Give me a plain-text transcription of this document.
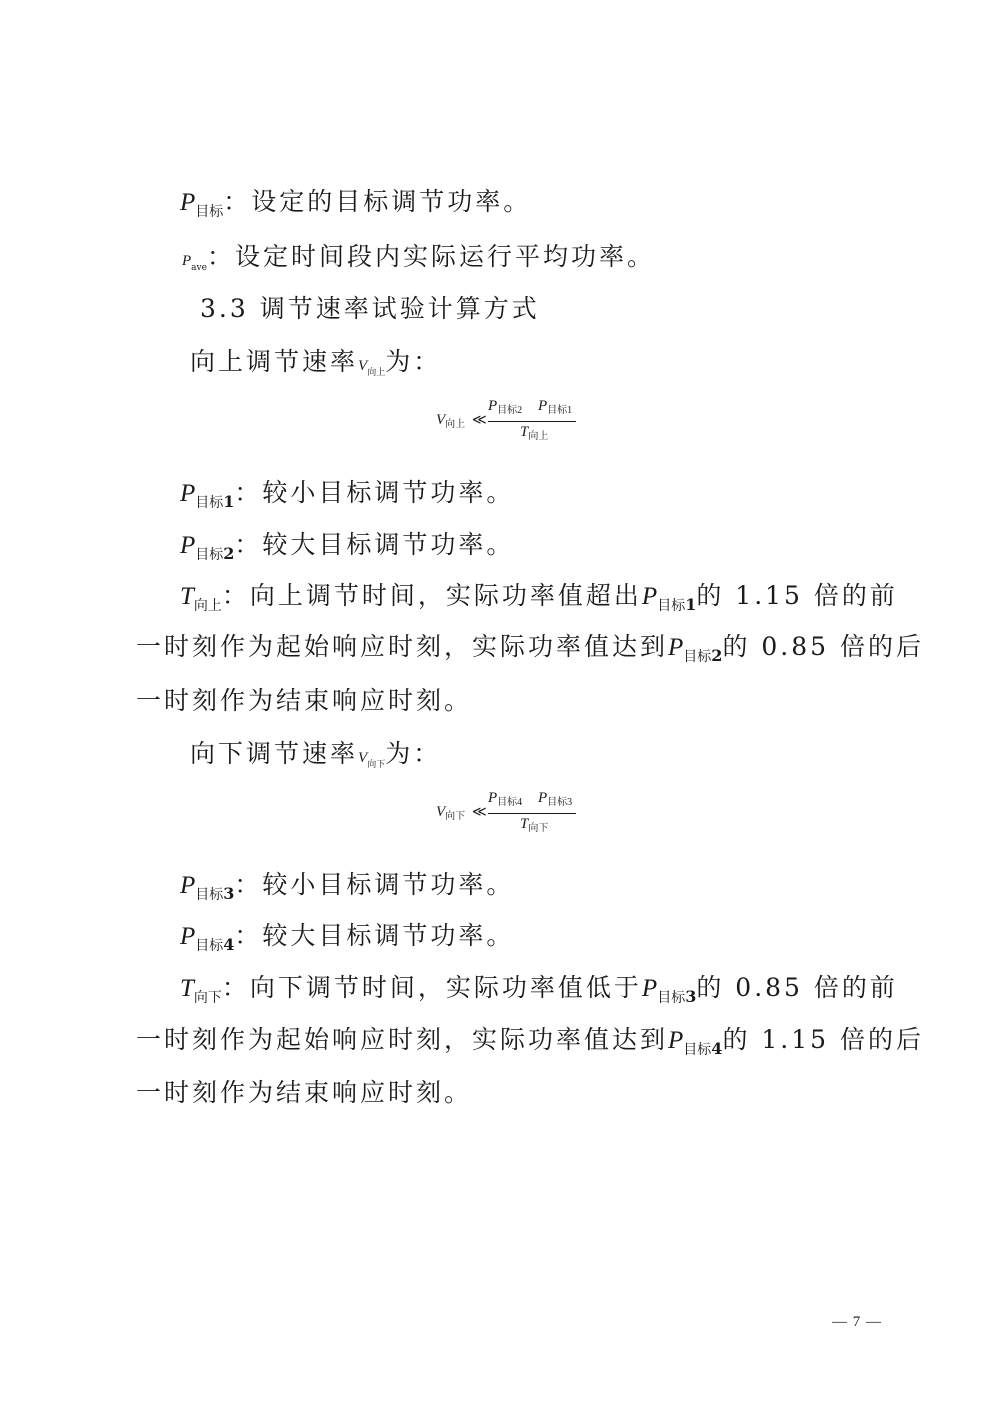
$P_{目标}$：设定的目标调节功率。
$P_{ave}$：设定时间段内实际运行平均功率。
3.3 调节速率试验计算方式
向上调节速率$V_{向上}$为：
$V_{向上}$ ≪
$P_{目标2}$ $P_{目标1}$
$T_{向上}$
$P_{目标1}$：较小目标调节功率。
$P_{目标2}$：较大目标调节功率。
$T_{向上}$：向上调节时间，实际功率值超出$P_{目标1}$的 1.15 倍的前
一时刻作为起始响应时刻，实际功率值达到$P_{目标2}$的 0.85 倍的后
一时刻作为结束响应时刻。
向下调节速率$V_{向下}$为：
$V_{向下}$ ≪
$P_{目标4}$ $P_{目标3}$
$T_{向下}$
$P_{目标3}$：较小目标调节功率。
$P_{目标4}$：较大目标调节功率。
$T_{向下}$：向下调节时间，实际功率值低于$P_{目标3}$的 0.85 倍的前
一时刻作为起始响应时刻，实际功率值达到$P_{目标4}$的 1.15 倍的后
一时刻作为结束响应时刻。
— 7 —
